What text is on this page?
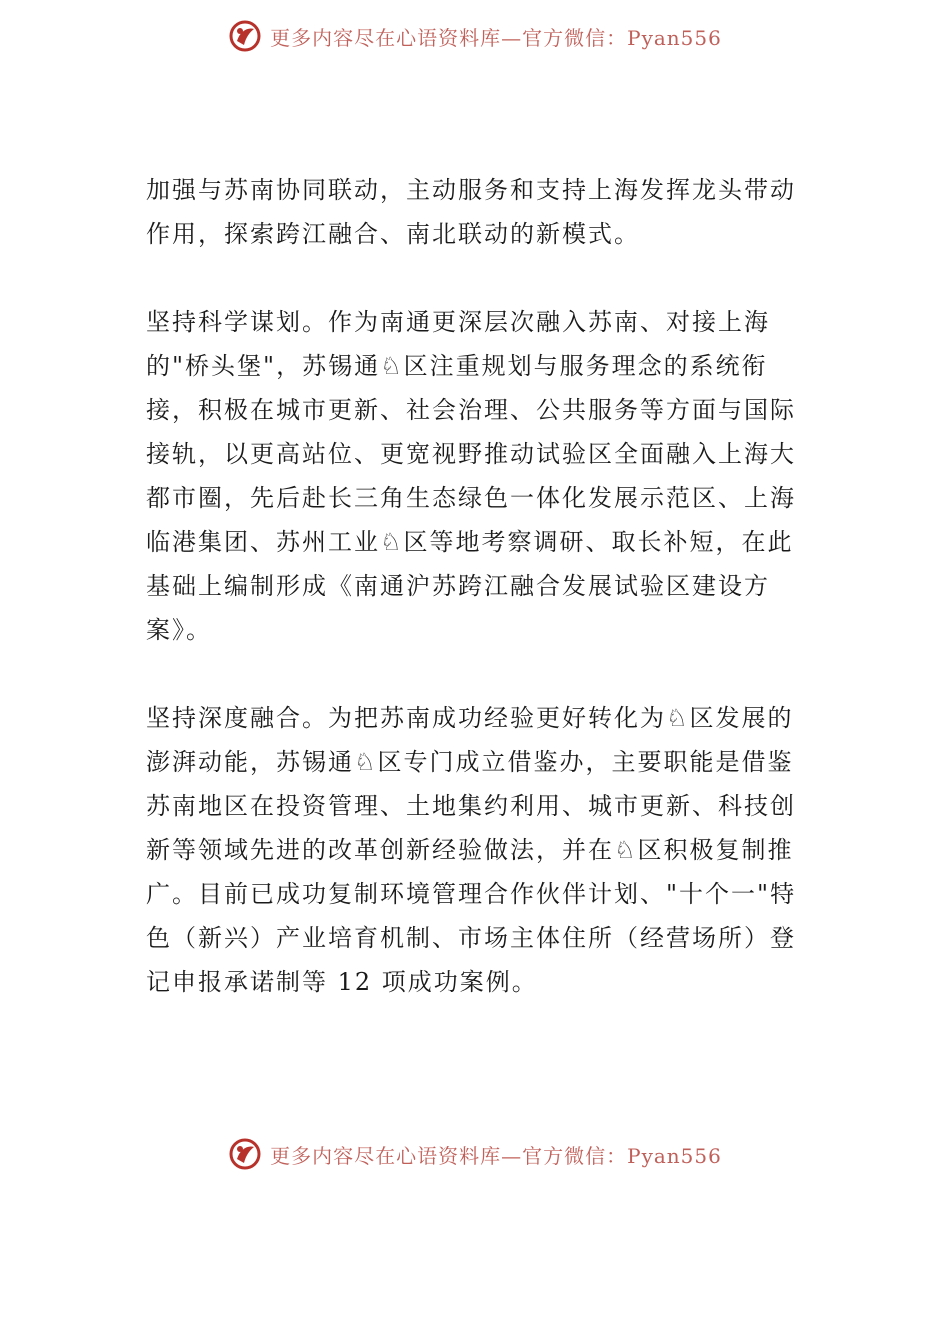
更多内容尽在心语资料库—官方微信：Pyan556

加强与苏南协同联动，主动服务和支持上海发挥龙头带动作用，探索跨江融合、南北联动的新模式。

坚持科学谋划。作为南通更深层次融入苏南、对接上海的"桥头堡"，苏锡通♘区注重规划与服务理念的系统衔接，积极在城市更新、社会治理、公共服务等方面与国际接轨，以更高站位、更宽视野推动试验区全面融入上海大都市圈，先后赴长三角生态绿色一体化发展示范区、上海临港集团、苏州工业♘区等地考察调研、取长补短，在此基础上编制形成《南通沪苏跨江融合发展试验区建设方案》。

坚持深度融合。为把苏南成功经验更好转化为♘区发展的澎湃动能，苏锡通♘区专门成立借鉴办，主要职能是借鉴苏南地区在投资管理、土地集约利用、城市更新、科技创新等领域先进的改革创新经验做法，并在♘区积极复制推广。目前已成功复制环境管理合作伙伴计划、"十个一"特色（新兴）产业培育机制、市场主体住所（经营场所）登记申报承诺制等 12 项成功案例。

更多内容尽在心语资料库—官方微信：Pyan556
